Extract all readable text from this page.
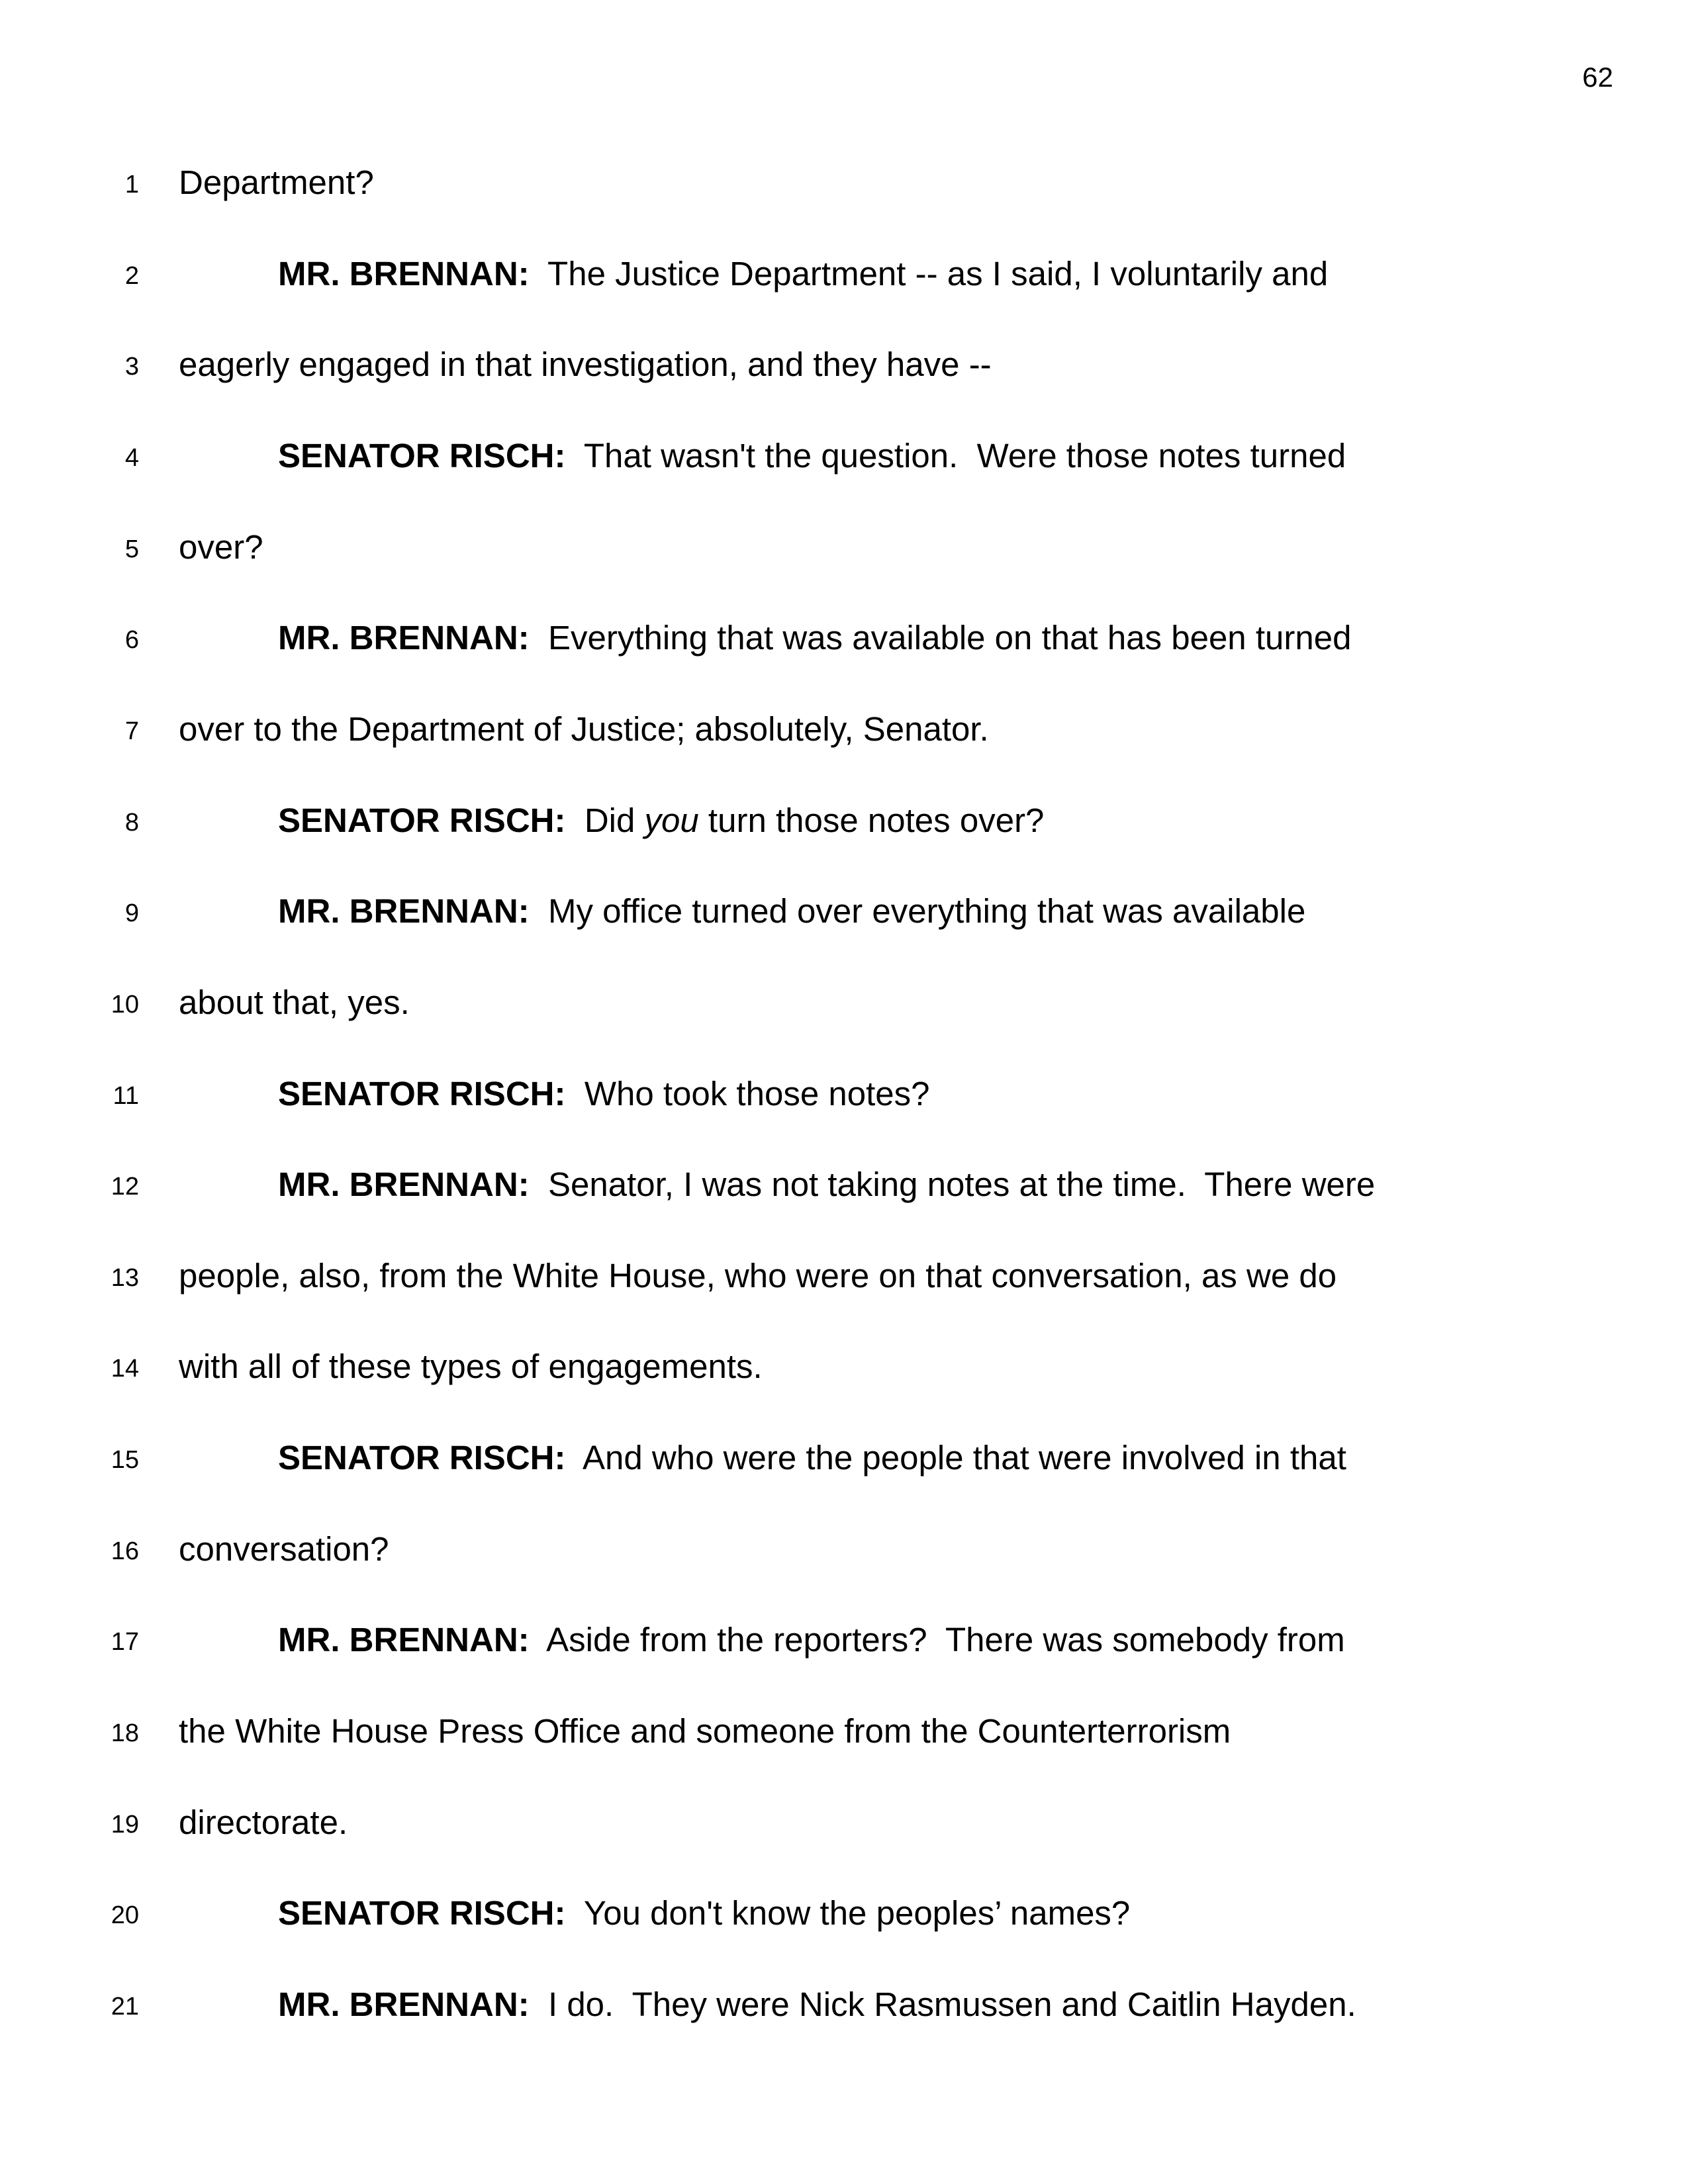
62
1 Department?
2	MR. BRENNAN:  The Justice Department -- as I said, I voluntarily and
3 eagerly engaged in that investigation, and they have --
4	SENATOR RISCH:  That wasn't the question.  Were those notes turned
5 over?
6	MR. BRENNAN:  Everything that was available on that has been turned
7 over to the Department of Justice; absolutely, Senator.
8	SENATOR RISCH:  Did you turn those notes over?
9	MR. BRENNAN:  My office turned over everything that was available
10 about that, yes.
11	SENATOR RISCH:  Who took those notes?
12	MR. BRENNAN:  Senator, I was not taking notes at the time.  There were
13 people, also, from the White House, who were on that conversation, as we do
14 with all of these types of engagements.
15	SENATOR RISCH:  And who were the people that were involved in that
16 conversation?
17	MR. BRENNAN:  Aside from the reporters?  There was somebody from
18 the White House Press Office and someone from the Counterterrorism
19 directorate.
20	SENATOR RISCH:  You don't know the peoples’ names?
21	MR. BRENNAN:  I do.  They were Nick Rasmussen and Caitlin Hayden.
